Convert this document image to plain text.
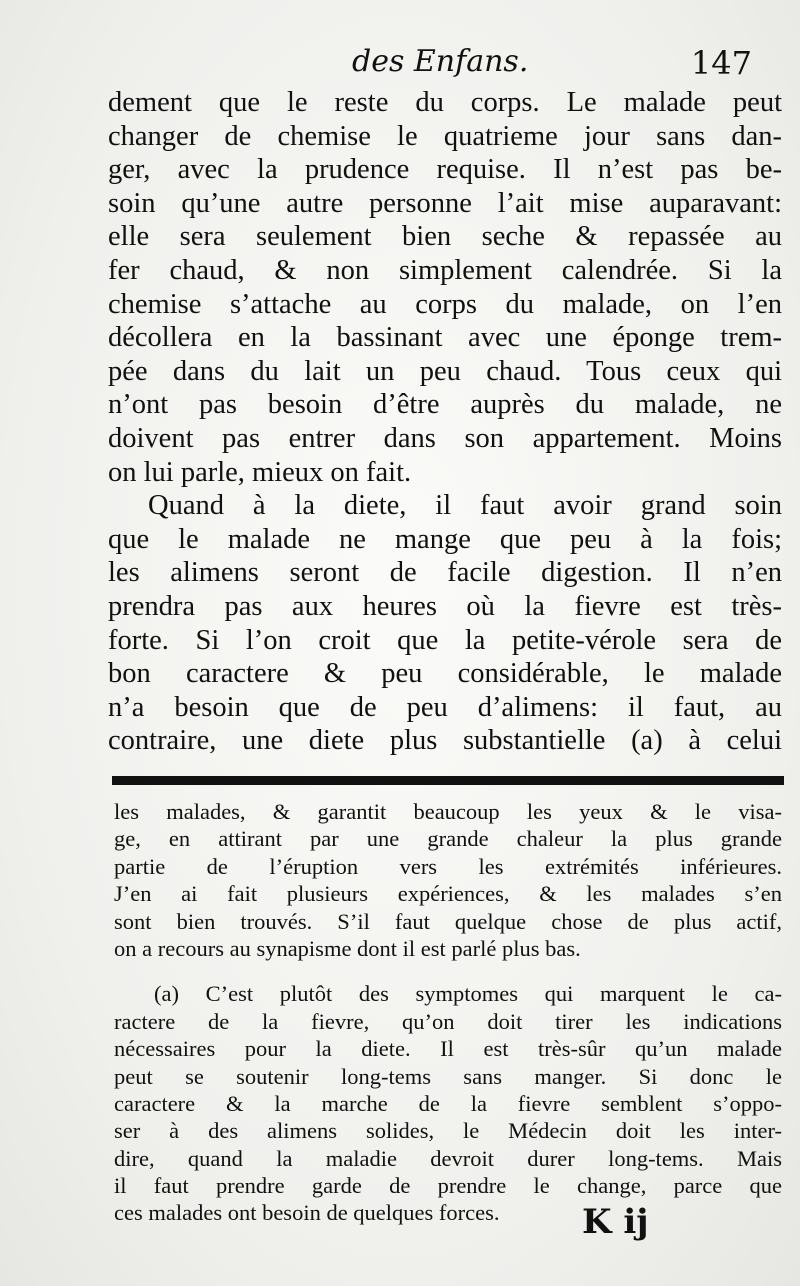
des Enfans.	147
dement que le reste du corps. Le malade peut
changer de chemise le quatrieme jour sans dan-
ger, avec la prudence requise. Il n’est pas be-
soin qu’une autre personne l’ait mise auparavant:
elle sera seulement bien seche & repassée au
fer chaud, & non simplement calendrée. Si la
chemise s’attache au corps du malade, on l’en
décollera en la bassinant avec une éponge trem-
pée dans du lait un peu chaud. Tous ceux qui
n’ont pas besoin d’être auprès du malade, ne
doivent pas entrer dans son appartement. Moins
on lui parle, mieux on fait.
Quand à la diete, il faut avoir grand soin
que le malade ne mange que peu à la fois;
les alimens seront de facile digestion. Il n’en
prendra pas aux heures où la fievre est très-
forte. Si l’on croit que la petite-vérole sera de
bon caractere & peu considérable, le malade
n’a besoin que de peu d’alimens: il faut, au
contraire, une diete plus substantielle (a) à celui
les malades, & garantit beaucoup les yeux & le visa-
ge, en attirant par une grande chaleur la plus grande
partie de l’éruption vers les extrémités inférieures.
J’en ai fait plusieurs expériences, & les malades s’en
sont bien trouvés. S’il faut quelque chose de plus actif,
on a recours au synapisme dont il est parlé plus bas.
(a) C’est plutôt des symptomes qui marquent le ca-
ractere de la fievre, qu’on doit tirer les indications
nécessaires pour la diete. Il est très-sûr qu’un malade
peut se soutenir long-tems sans manger. Si donc le
caractere & la marche de la fievre semblent s’oppo-
ser à des alimens solides, le Médecin doit les inter-
dire, quand la maladie devroit durer long-tems. Mais
il faut prendre garde de prendre le change, parce que
ces malades ont besoin de quelques forces.	K ij
